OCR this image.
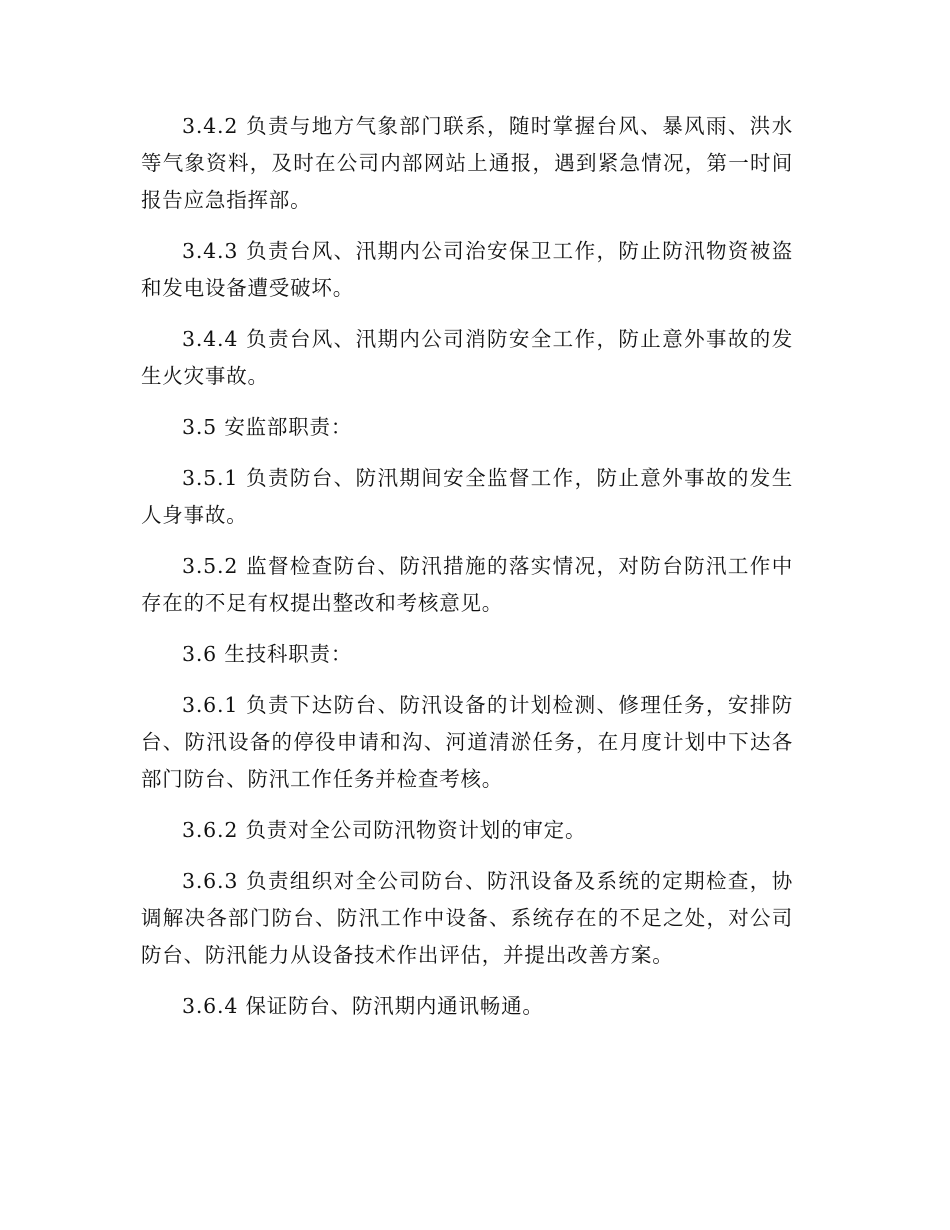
3.4.2 负责与地方气象部门联系，随时掌握台风、暴风雨、洪水等气象资料，及时在公司内部网站上通报，遇到紧急情况，第一时间报告应急指挥部。

3.4.3 负责台风、汛期内公司治安保卫工作，防止防汛物资被盗和发电设备遭受破坏。

3.4.4 负责台风、汛期内公司消防安全工作，防止意外事故的发生火灾事故。

3.5 安监部职责：

3.5.1 负责防台、防汛期间安全监督工作，防止意外事故的发生人身事故。

3.5.2 监督检查防台、防汛措施的落实情况，对防台防汛工作中存在的不足有权提出整改和考核意见。

3.6 生技科职责：

3.6.1 负责下达防台、防汛设备的计划检测、修理任务，安排防台、防汛设备的停役申请和沟、河道清淤任务，在月度计划中下达各部门防台、防汛工作任务并检查考核。

3.6.2 负责对全公司防汛物资计划的审定。

3.6.3 负责组织对全公司防台、防汛设备及系统的定期检查，协调解决各部门防台、防汛工作中设备、系统存在的不足之处，对公司防台、防汛能力从设备技术作出评估，并提出改善方案。

3.6.4 保证防台、防汛期内通讯畅通。
